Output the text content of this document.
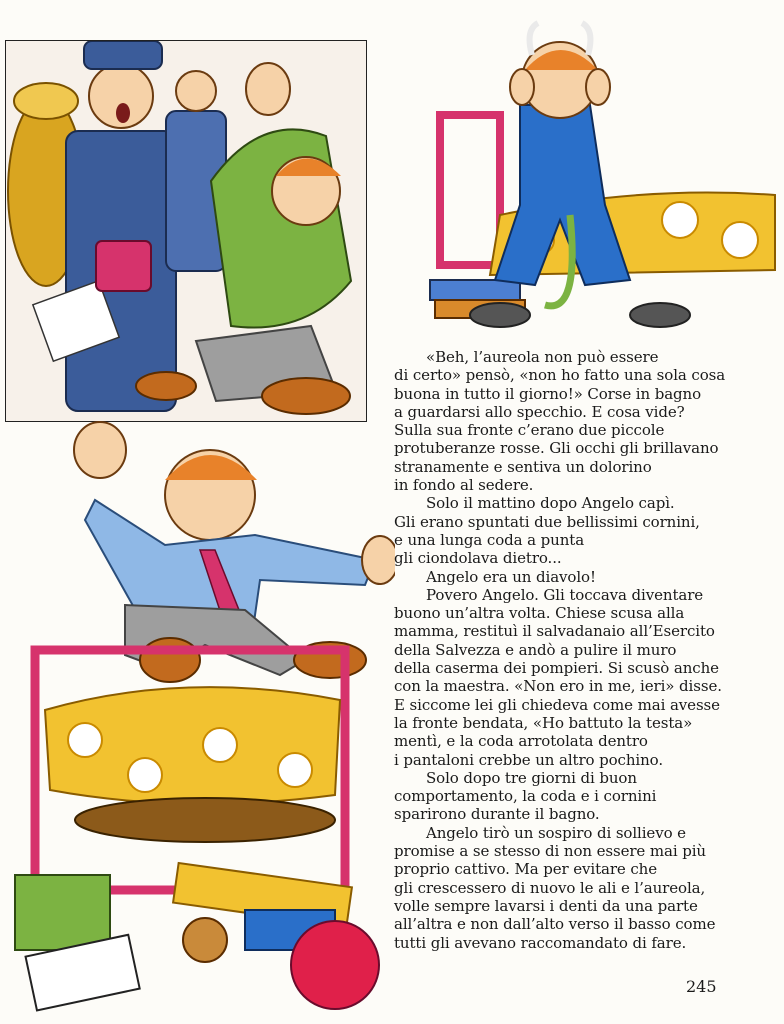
«Beh, l’aureola non può essere
di certo» pensò, «non ho fatto una sola cosa
buona in tutto il giorno!» Corse in bagno
a guardarsi allo specchio. E cosa vide?
Sulla sua fronte c’erano due piccole
protuberanze rosse. Gli occhi gli brillavano
stranamente e sentiva un dolorino
in fondo al sedere.
Solo il mattino dopo Angelo capì.
Gli erano spuntati due bellissimi cornini,
e una lunga coda a punta
gli ciondolava dietro...
Angelo era un diavolo!
Povero Angelo. Gli toccava diventare
buono un’altra volta. Chiese scusa alla
mamma, restituì il salvadanaio all’Esercito
della Salvezza e andò a pulire il muro
della caserma dei pompieri. Si scusò anche
con la maestra. «Non ero in me, ieri» disse.
E siccome lei gli chiedeva come mai avesse
la fronte bendata, «Ho battuto la testa»
mentì, e la coda arrotolata dentro
i pantaloni crebbe un altro pochino.
Solo dopo tre giorni di buon
comportamento, la coda e i cornini
sparirono durante il bagno.
Angelo tirò un sospiro di sollievo e
promise a se stesso di non essere mai più
proprio cattivo. Ma per evitare che
gli crescessero di nuovo le ali e l’aureola,
volle sempre lavarsi i denti da una parte
all’altra e non dall’alto verso il basso come
tutti gli avevano raccomandato di fare.
245
